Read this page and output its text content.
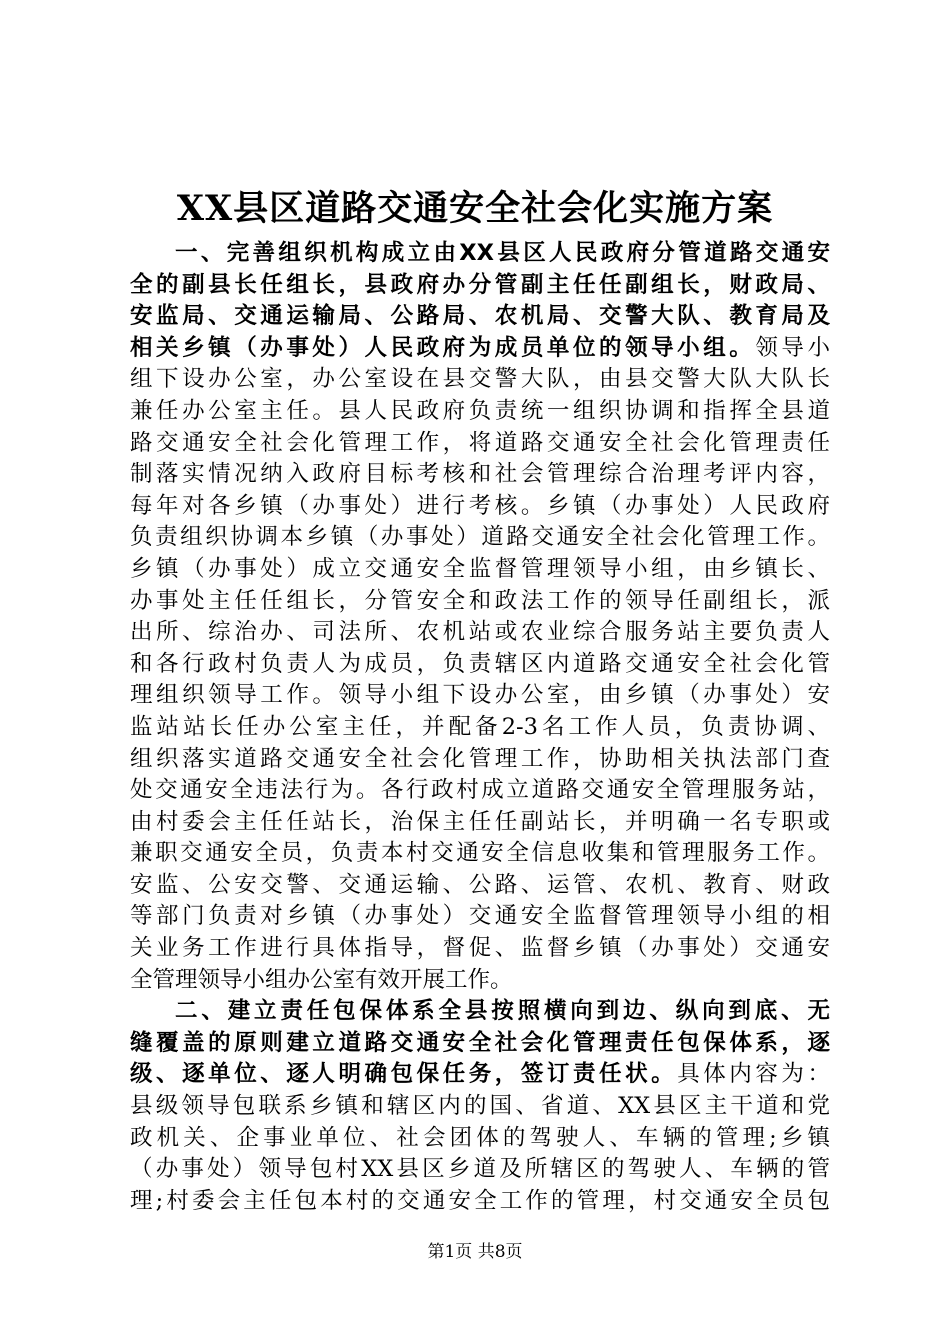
XX县区道路交通安全社会化实施方案
一、完善组织机构成立由XX县区人民政府分管道路交通安
全的副县长任组长，县政府办分管副主任任副组长，财政局、
安监局、交通运输局、公路局、农机局、交警大队、教育局及
相关乡镇（办事处）人民政府为成员单位的领导小组。领导小
组下设办公室，办公室设在县交警大队，由县交警大队大队长
兼任办公室主任。县人民政府负责统一组织协调和指挥全县道
路交通安全社会化管理工作，将道路交通安全社会化管理责任
制落实情况纳入政府目标考核和社会管理综合治理考评内容，
每年对各乡镇（办事处）进行考核。乡镇（办事处）人民政府
负责组织协调本乡镇（办事处）道路交通安全社会化管理工作。
乡镇（办事处）成立交通安全监督管理领导小组，由乡镇长、
办事处主任任组长，分管安全和政法工作的领导任副组长，派
出所、综治办、司法所、农机站或农业综合服务站主要负责人
和各行政村负责人为成员，负责辖区内道路交通安全社会化管
理组织领导工作。领导小组下设办公室，由乡镇（办事处）安
监站站长任办公室主任，并配备2-3名工作人员，负责协调、
组织落实道路交通安全社会化管理工作，协助相关执法部门查
处交通安全违法行为。各行政村成立道路交通安全管理服务站，
由村委会主任任站长，治保主任任副站长，并明确一名专职或
兼职交通安全员，负责本村交通安全信息收集和管理服务工作。
安监、公安交警、交通运输、公路、运管、农机、教育、财政
等部门负责对乡镇（办事处）交通安全监督管理领导小组的相
关业务工作进行具体指导，督促、监督乡镇（办事处）交通安
全管理领导小组办公室有效开展工作。
二、建立责任包保体系全县按照横向到边、纵向到底、无
缝覆盖的原则建立道路交通安全社会化管理责任包保体系，逐
级、逐单位、逐人明确包保任务，签订责任状。具体内容为：
县级领导包联系乡镇和辖区内的国、省道、XX县区主干道和党
政机关、企事业单位、社会团体的驾驶人、车辆的管理;乡镇
（办事处）领导包村XX县区乡道及所辖区的驾驶人、车辆的管
理;村委会主任包本村的交通安全工作的管理，村交通安全员包
第1页 共8页
